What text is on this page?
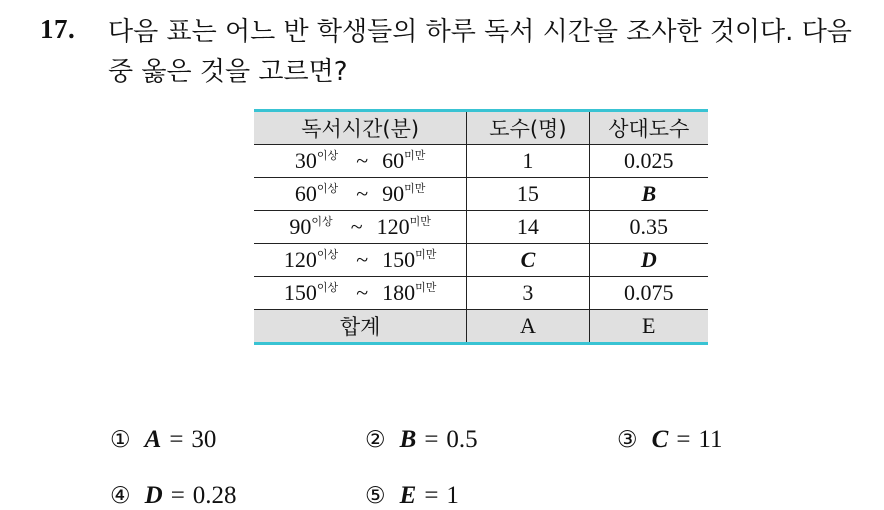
17. 다음 표는 어느 반 학생들의 하루 독서 시간을 조사한 것이다. 다음
중 옳은 것을 고르면?
독서시간(분)	도수(명)	상대도수

30 이상 ~ 60 미만	1	0.025

60 이상 ~ 90 미만	15	B

90 이상 ~ 120 미만	14	0.35

120 이상 ~ 150 미만	C	D

150 이상 ~ 180 미만	3	0.075
합계	A	E
① A = 30	② B = 0.5	③ C = 11
④ D = 0.28	⑤ E = 1
